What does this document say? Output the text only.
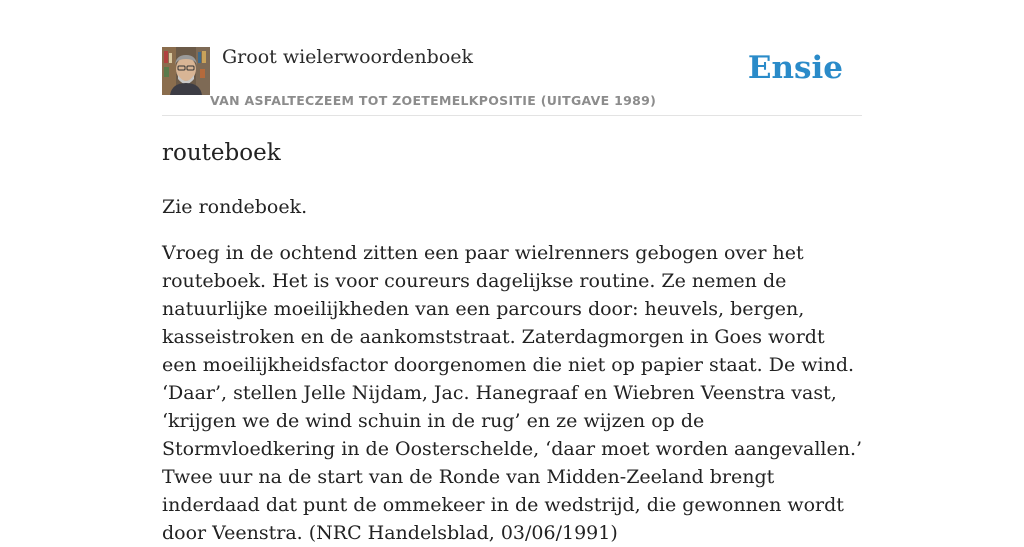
Groot wielerwoordenboek
VAN ASFALTECZEEM TOT ZOETEMELKPOSITIE (UITGAVE 1989)
Ensie
routeboek

Zie rondeboek.

Vroeg in de ochtend zitten een paar wielrenners gebogen over het routeboek. Het is voor coureurs dagelijkse routine. Ze nemen de natuurlijke moeilijkheden van een parcours door: heuvels, bergen, kasseistroken en de aankomststraat. Zaterdagmorgen in Goes wordt een moeilijkheidsfactor doorgenomen die niet op papier staat. De wind. ‘Daar’, stellen Jelle Nijdam, Jac. Hanegraaf en Wiebren Veenstra vast, ‘krijgen we de wind schuin in de rug’ en ze wijzen op de Stormvloedkering in de Oosterschelde, ‘daar moet worden aangevallen.’ Twee uur na de start van de Ronde van Midden-Zeeland brengt inderdaad dat punt de ommekeer in de wedstrijd, die gewonnen wordt door Veenstra. (NRC Handelsblad, 03/06/1991)
